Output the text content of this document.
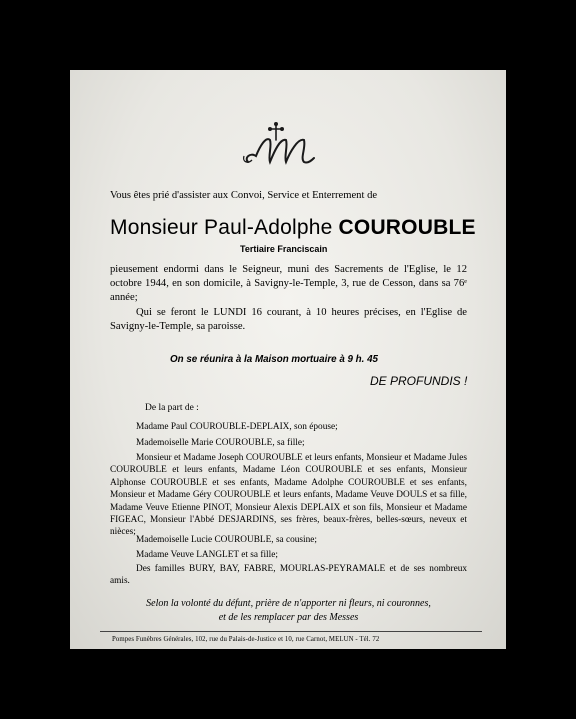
Vous êtes prié d'assister aux Convoi, Service et Enterrement de
Monsieur Paul-Adolphe COUROUBLE
Tertiaire Franciscain
pieusement endormi dans le Seigneur, muni des Sacrements de l'Eglise, le 12 octobre 1944, en son domicile, à Savigny-le-Temple, 3, rue de Cesson, dans sa 76ᵉ année;
Qui se feront le LUNDI 16 courant, à 10 heures précises, en l'Eglise de Savigny-le-Temple, sa paroisse.
On se réunira à la Maison mortuaire à 9 h. 45
DE PROFUNDIS !
De la part de :
Madame Paul COUROUBLE-DEPLAIX, son épouse;
Mademoiselle Marie COUROUBLE, sa fille;
Monsieur et Madame Joseph COUROUBLE et leurs enfants, Monsieur et Madame Jules COUROUBLE et leurs enfants, Madame Léon COUROUBLE et ses enfants, Monsieur Alphonse COUROUBLE et ses enfants, Madame Adolphe COUROUBLE et ses enfants, Monsieur et Madame Géry COUROUBLE et leurs enfants, Madame Veuve DOULS et sa fille, Madame Veuve Etienne PINOT, Monsieur Alexis DEPLAIX et son fils, Monsieur et Madame FIGEAC, Monsieur l'Abbé DESJARDINS, ses frères, beaux-frères, belles-sœurs, neveux et nièces;
Mademoiselle Lucie COUROUBLE, sa cousine;
Madame Veuve LANGLET et sa fille;
Des familles BURY, BAY, FABRE, MOURLAS-PEYRAMALE et de ses nombreux amis.
Selon la volonté du défunt, prière de n'apporter ni fleurs, ni couronnes,
et de les remplacer par des Messes
Pompes Funèbres Générales, 102, rue du Palais-de-Justice et 10, rue Carnot, MELUN - Tél. 72
